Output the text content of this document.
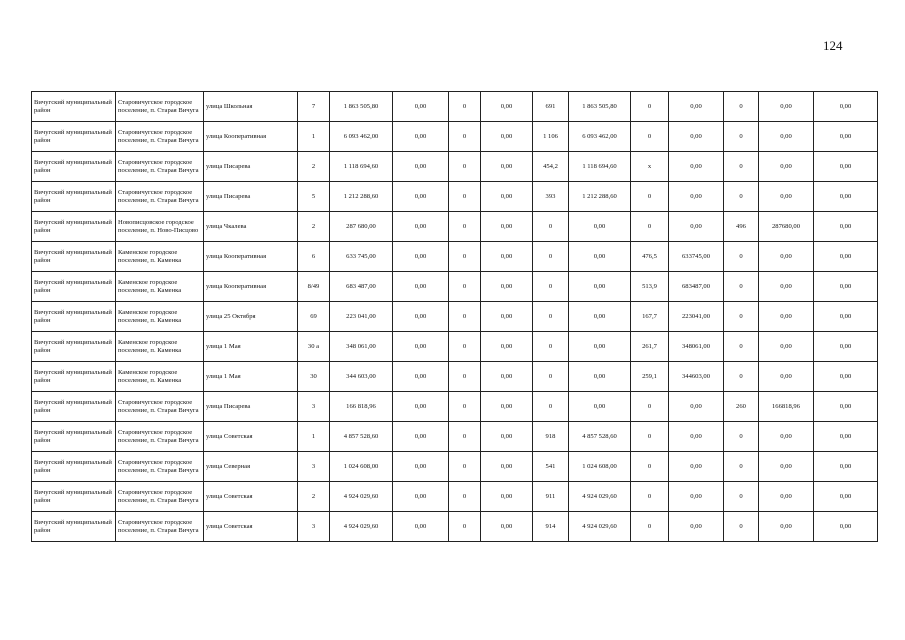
124
Вичугский муниципальный район	Старовичугское городское поселение, п. Старая Вичуга	улица Школьная	7	1 863 505,80	0,00	0	0,00	691	1 863 505,80	0	0,00	0	0,00	0,00
Вичугский муниципальный район	Старовичугское городское поселение, п. Старая Вичуга	улица Кооперативная	1	6 093 462,00	0,00	0	0,00	1 106	6 093 462,00	0	0,00	0	0,00	0,00
Вичугский муниципальный район	Старовичугское городское поселение, п. Старая Вичуга	улица Писарева	2	1 118 694,60	0,00	0	0,00	454,2	1 118 694,60	х	0,00	0	0,00	0,00
Вичугский муниципальный район	Старовичугское городское поселение, п. Старая Вичуга	улица Писарева	5	1 212 288,60	0,00	0	0,00	393	1 212 288,60	0	0,00	0	0,00	0,00
Вичугский муниципальный район	Новописцовское городское поселение, п. Ново-Писцово	улица Чкалева	2	287 680,00	0,00	0	0,00	0	0,00	0	0,00	496	287680,00	0,00
Вичугский муниципальный район	Каменское городское поселение, п. Каменка	улица Кооперативная	6	633 745,00	0,00	0	0,00	0	0,00	476,5	633745,00	0	0,00	0,00
Вичугский муниципальный район	Каменское городское поселение, п. Каменка	улица Кооперативная	8/49	683 487,00	0,00	0	0,00	0	0,00	513,9	683487,00	0	0,00	0,00
Вичугский муниципальный район	Каменское городское поселение, п. Каменка	улица 25 Октября	69	223 041,00	0,00	0	0,00	0	0,00	167,7	223041,00	0	0,00	0,00
Вичугский муниципальный район	Каменское городское поселение, п. Каменка	улица 1 Мая	30 а	348 061,00	0,00	0	0,00	0	0,00	261,7	348061,00	0	0,00	0,00
Вичугский муниципальный район	Каменское городское поселение, п. Каменка	улица 1 Мая	30	344 603,00	0,00	0	0,00	0	0,00	259,1	344603,00	0	0,00	0,00
Вичугский муниципальный район	Старовичугское городское поселение, п. Старая Вичуга	улица Писарева	3	166 818,96	0,00	0	0,00	0	0,00	0	0,00	260	166818,96	0,00
Вичугский муниципальный район	Старовичугское городское поселение, п. Старая Вичуга	улица Советская	1	4 857 528,60	0,00	0	0,00	918	4 857 528,60	0	0,00	0	0,00	0,00
Вичугский муниципальный район	Старовичугское городское поселение, п. Старая Вичуга	улица Северная	3	1 024 608,00	0,00	0	0,00	541	1 024 608,00	0	0,00	0	0,00	0,00
Вичугский муниципальный район	Старовичугское городское поселение, п. Старая Вичуга	улица Советская	2	4 924 029,60	0,00	0	0,00	911	4 924 029,60	0	0,00	0	0,00	0,00
Вичугский муниципальный район	Старовичугское городское поселение, п. Старая Вичуга	улица Советская	3	4 924 029,60	0,00	0	0,00	914	4 924 029,60	0	0,00	0	0,00	0,00
